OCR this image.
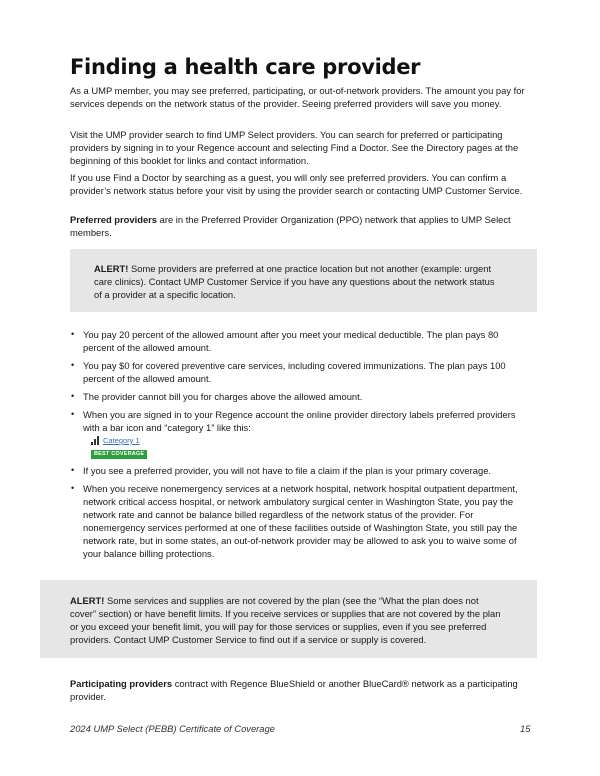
Finding a health care provider

As a UMP member, you may see preferred, participating, or out-of-network providers. The amount you pay for services depends on the network status of the provider. Seeing preferred providers will save you money.

Visit the UMP provider search to find UMP Select providers. You can search for preferred or participating providers by signing in to your Regence account and selecting Find a Doctor. See the Directory pages at the beginning of this booklet for links and contact information.

If you use Find a Doctor by searching as a guest, you will only see preferred providers. You can confirm a provider’s network status before your visit by using the provider search or contacting UMP Customer Service.

Preferred providers are in the Preferred Provider Organization (PPO) network that applies to UMP Select members.

ALERT! Some providers are preferred at one practice location but not another (example: urgent care clinics). Contact UMP Customer Service if you have any questions about the network status of a provider at a specific location.
• You pay 20 percent of the allowed amount after you meet your medical deductible. The plan pays 80 percent of the allowed amount.
• You pay $0 for covered preventive care services, including covered immunizations. The plan pays 100 percent of the allowed amount.
• The provider cannot bill you for charges above the allowed amount.
• When you are signed in to your Regence account the online provider directory labels preferred providers with a bar icon and “category 1” like this:
Category 1
BEST COVERAGE
• If you see a preferred provider, you will not have to file a claim if the plan is your primary coverage.
• When you receive nonemergency services at a network hospital, network hospital outpatient department, network critical access hospital, or network ambulatory surgical center in Washington State, you pay the network rate and cannot be balance billed regardless of the network status of the provider. For nonemergency services performed at one of these facilities outside of Washington State, you still pay the network rate, but in some states, an out-of-network provider may be allowed to ask you to waive some of your balance billing protections.
ALERT! Some services and supplies are not covered by the plan (see the “What the plan does not cover” section) or have benefit limits. If you receive services or supplies that are not covered by the plan or you exceed your benefit limit, you will pay for those services or supplies, even if you see preferred providers. Contact UMP Customer Service to find out if a service or supply is covered.

Participating providers contract with Regence BlueShield or another BlueCard® network as a participating provider.

2024 UMP Select (PEBB) Certificate of Coverage	15
